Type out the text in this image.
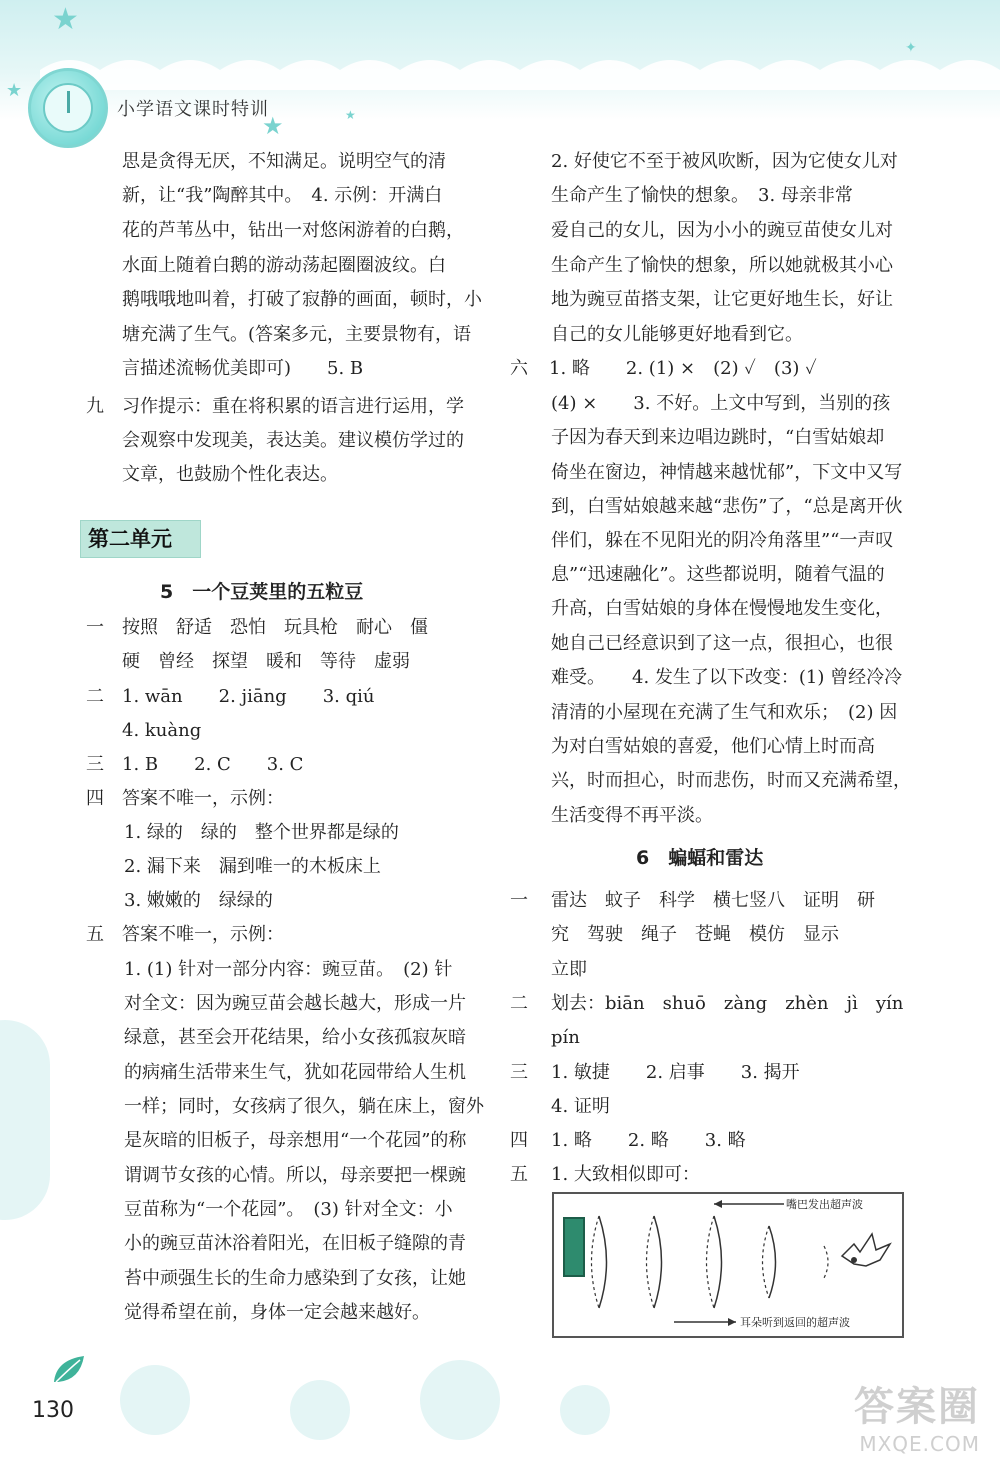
★
★
★	★
✦
小学语文课时特训
思是贪得无厌，不知满足。说明空气的清
新，让“我”陶醉其中。　4. 示例：开满白
花的芦苇丛中，钻出一对悠闲游着的白鹅，
水面上随着白鹅的游动荡起圈圈波纹。白
鹅哦哦地叫着，打破了寂静的画面，顿时，小
塘充满了生气。(答案多元，主要景物有，语
言描述流畅优美即可)　　5. B
九 习作提示：重在将积累的语言进行运用，学
会观察中发现美，表达美。建议模仿学过的
文章，也鼓励个性化表达。
第二单元
5　一个豆荚里的五粒豆
一 按照　舒适　恐怕　玩具枪　耐心　僵
硬　曾经　探望　暖和　等待　虚弱
二 1. wān　　2. jiāng　　3. qiú
4. kuàng
三 1. B　　2. C　　3. C
四 答案不唯一，示例：
1. 绿的　绿的　整个世界都是绿的
2. 漏下来　漏到唯一的木板床上
3. 嫩嫩的　绿绿的
五 答案不唯一，示例：
1. (1) 针对一部分内容：豌豆苗。　(2) 针
对全文：因为豌豆苗会越长越大，形成一片
绿意，甚至会开花结果，给小女孩孤寂灰暗
的病痛生活带来生气，犹如花园带给人生机
一样；同时，女孩病了很久，躺在床上，窗外
是灰暗的旧板子，母亲想用“一个花园”的称
谓调节女孩的心情。所以，母亲要把一棵豌
豆苗称为“一个花园”。　(3) 针对全文：小
小的豌豆苗沐浴着阳光，在旧板子缝隙的青
苔中顽强生长的生命力感染到了女孩，让她
觉得希望在前，身体一定会越来越好。
2. 好使它不至于被风吹断，因为它使女儿对
生命产生了愉快的想象。　3. 母亲非常
爱自己的女儿，因为小小的豌豆苗使女儿对
生命产生了愉快的想象，所以她就极其小心
地为豌豆苗搭支架，让它更好地生长，好让
自己的女儿能够更好地看到它。
六 1. 略　　2. (1) ×　(2) ✓　(3) ✓
(4) ×　　3. 不好。上文中写到，当别的孩
子因为春天到来边唱边跳时，“白雪姑娘却
倚坐在窗边，神情越来越忧郁”，下文中又写
到，白雪姑娘越来越“悲伤”了，“总是离开伙
伴们，躲在不见阳光的阴冷角落里”“一声叹
息”“迅速融化”。这些都说明，随着气温的
升高，白雪姑娘的身体在慢慢地发生变化，
她自己已经意识到了这一点，很担心，也很
难受。　　4. 发生了以下改变：(1) 曾经冷冷
清清的小屋现在充满了生气和欢乐；　(2) 因
为对白雪姑娘的喜爱，他们心情上时而高
兴，时而担心，时而悲伤，时而又充满希望，
生活变得不再平淡。
6　蝙蝠和雷达
一 雷达　蚊子　科学　横七竖八　证明　研
究　驾驶　绳子　苍蝇　模仿　显示
立即
二 划去：biān　shuō　zàng　zhèn　jì　yín
pín
三 1. 敏捷　　2. 启事　　3. 揭开
4. 证明
四 1. 略　　2. 略　　3. 略
五 1. 大致相似即可：
嘴巴发出超声波
耳朵听到返回的超声波
130	答案圈
MXQE.COM
